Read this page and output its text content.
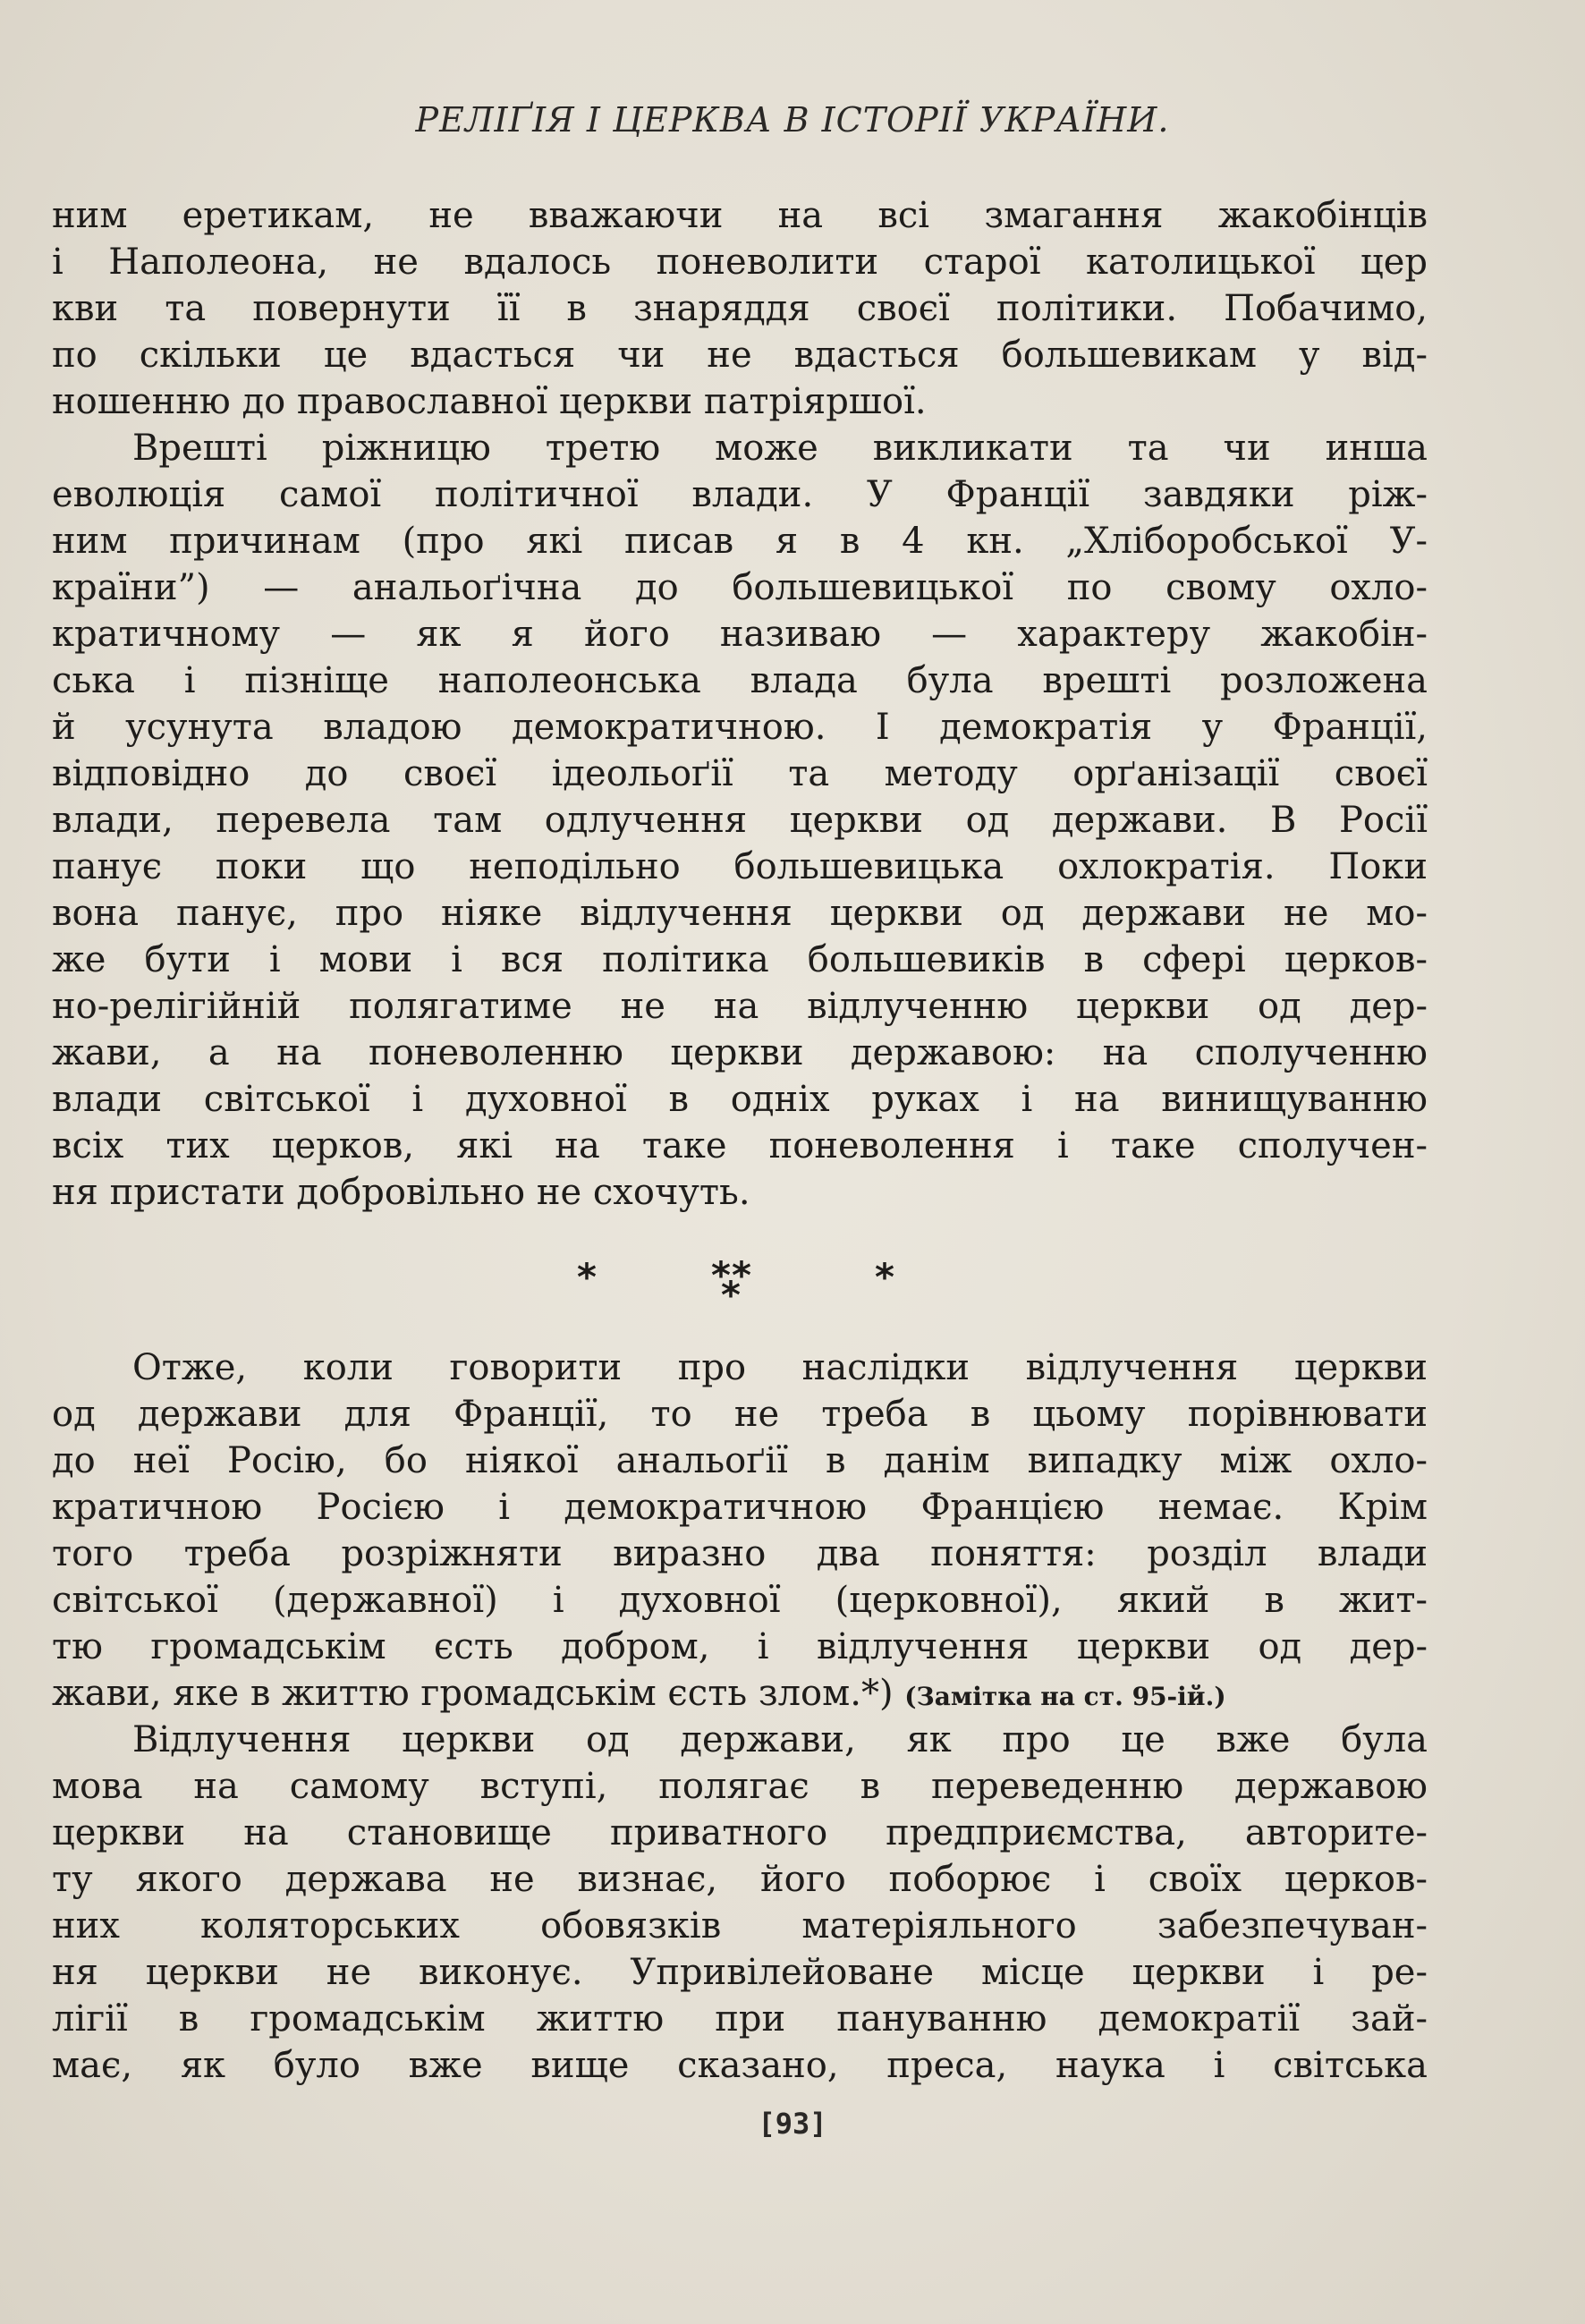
РЕЛІҐІЯ І ЦЕРКВА В ІСТОРІЇ УКРАЇНИ.
ним еретикам, не вважаючи на всі змагання жакобінців
і Наполеона, не вдалось поневолити старої католицької цер
кви та повернути її в знаряддя своєї політики. Побачимо,
по скільки це вдасться чи не вдасться большевикам у від-
ношенню до православної церкви патріяршої.
Врешті ріжницю третю може викликати та чи инша
еволюція самої політичної влади. У Франції завдяки ріж-
ним причинам (про які писав я в 4 кн. „Хліборобської У-
країни”) — анальоґічна до большевицької по свому охло-
кратичному — як я його називаю — характеру жакобін-
ська і пізніще наполеонська влада була врешті розложена
й усунута владою демократичною. І демократія у Франції,
відповідно до своєї ідеольоґії та методу орґанізації своєї
влади, перевела там одлучення церкви од держави. В Росії
панує поки що неподільно большевицька охлократія. Поки
вона панує, про ніяке відлучення церкви од держави не мо-
же бути і мови і вся політика большевиків в сфері церков-
но-релігійній полягатиме не на відлученню церкви од дер-
жави, а на поневоленню церкви державою: на сполученню
влади світської і духовної в одніх руках і на винищуванню
всіх тих церков, які на таке поневолення і таке сполучен-
ня пристати добровільно не схочуть.
*	* *
*	*
Отже, коли говорити про наслідки відлучення церкви
од держави для Франції, то не треба в цьому порівнювати
до неї Росію, бо ніякої анальоґії в данім випадку між охло-
кратичною Росією і демократичною Францією немає. Крім
того треба розріжняти виразно два поняття: розділ влади
світської (державної) і духовної (церковної), який в жит-
тю громадськім єсть добром, і відлучення церкви од дер-
жави, яке в життю громадськім єсть злом.*) (Замітка на ст. 95-ій.)
Відлучення церкви од держави, як про це вже була
мова на самому вступі, полягає в переведенню державою
церкви на становище приватного предприємства, авторите-
ту якого держава не визнає, його поборює і своїх церков-
них коляторських обовязків матеріяльного забезпечуван-
ня церкви не виконує. Упривілейоване місце церкви і ре-
лігії в громадськім життю при пануванню демократії зай-
має, як було вже вище сказано, преса, наука і світська
[93]
